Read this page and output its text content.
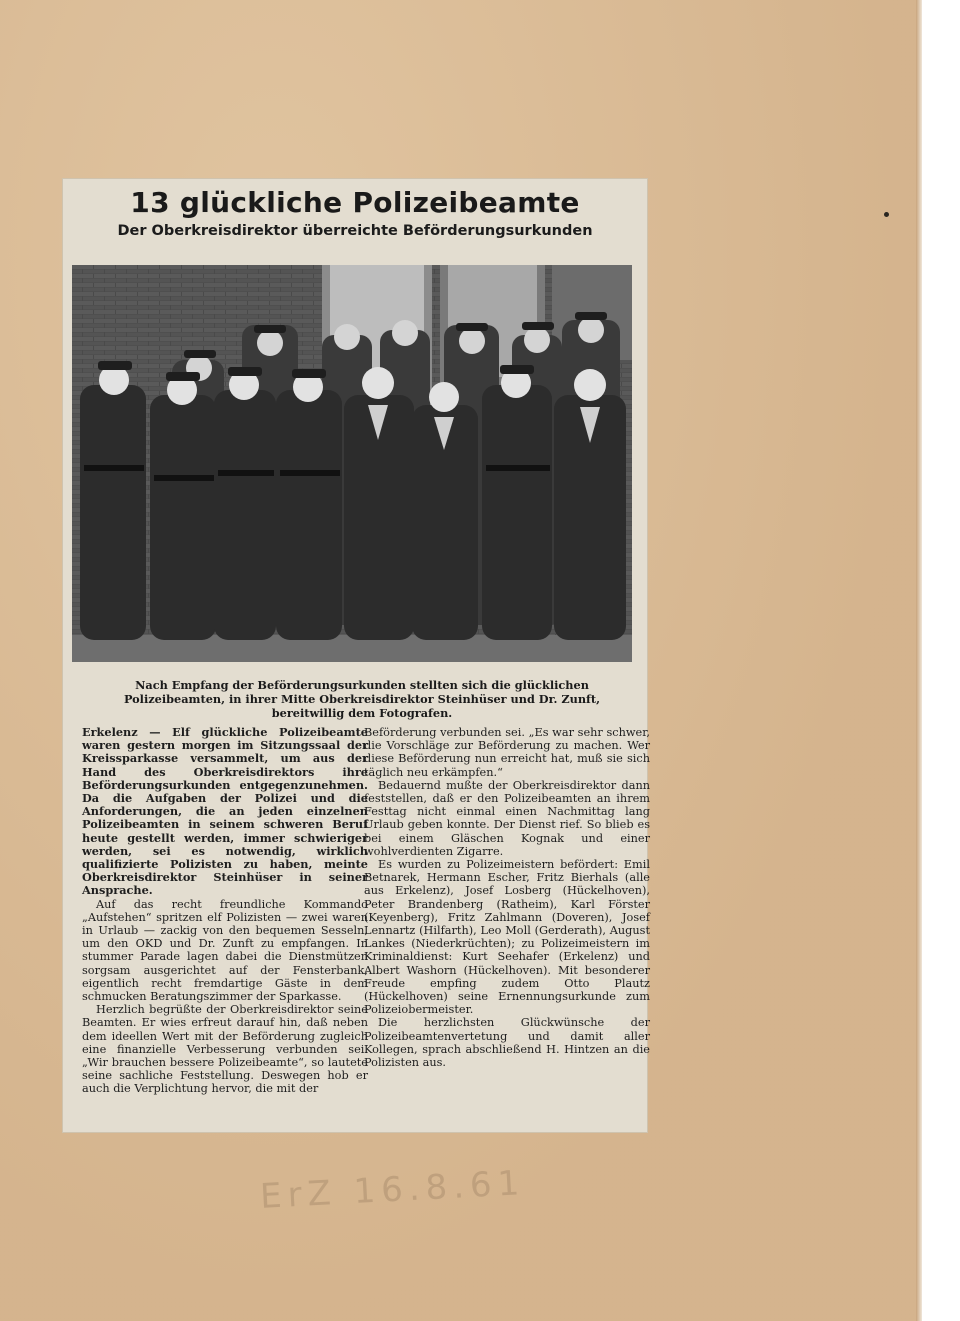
13 glückliche Polizeibeamte
Der Oberkreisdirektor überreichte Beförderungsurkunden
Nach Empfang der Beförderungsurkunden stellten sich die glücklichen Polizeibeamten, in ihrer Mitte Oberkreisdirektor Steinhüser und Dr. Zunft, bereitwillig dem Fotografen.

Erkelenz — Elf glückliche Polizeibeamte waren gestern morgen im Sitzungssaal der Kreissparkasse versammelt, um aus der Hand des Oberkreisdirektors ihre Beförderungsurkunden entgegenzunehmen. Da die Aufgaben der Polizei und die Anforderungen, die an jeden einzelnen Polizeibeamten in seinem schweren Beruf heute gestellt werden, immer schwieriger werden, sei es notwendig, wirklich qualifizierte Polizisten zu haben, meinte Oberkreisdirektor Steinhüser in seiner Ansprache.

Auf das recht freundliche Kommando „Aufstehen“ spritzen elf Polizisten — zwei waren in Urlaub — zackig von den bequemen Sesseln, um den OKD und Dr. Zunft zu empfangen. In stummer Parade lagen dabei die Dienstmützen sorgsam ausgerichtet auf der Fensterbank, eigentlich recht fremdartige Gäste in dem schmucken Beratungszimmer der Sparkasse.

Herzlich begrüßte der Oberkreisdirektor seine Beamten. Er wies erfreut darauf hin, daß neben dem ideellen Wert mit der Beförderung zugleich eine finanzielle Verbesserung verbunden sei. „Wir brauchen bessere Polizeibeamte“, so lautete seine sachliche Feststellung. Deswegen hob er auch die Verplichtung hervor, die mit der

Beförderung verbunden sei. „Es war sehr schwer, die Vorschläge zur Beförderung zu machen. Wer diese Beförderung nun erreicht hat, muß sie sich täglich neu erkämpfen.“

Bedauernd mußte der Oberkreisdirektor dann feststellen, daß er den Polizeibeamten an ihrem Festtag nicht einmal einen Nachmittag lang Urlaub geben konnte. Der Dienst rief. So blieb es bei einem Gläschen Kognak und einer wohlverdienten Zigarre.

Es wurden zu Polizeimeistern befördert: Emil Betnarek, Hermann Escher, Fritz Bierhals (alle aus Erkelenz), Josef Losberg (Hückelhoven), Peter Brandenberg (Ratheim), Karl Förster (Keyenberg), Fritz Zahlmann (Doveren), Josef Lennartz (Hilfarth), Leo Moll (Gerderath), August Lankes (Niederkrüchten); zu Polizeimeistern im Kriminaldienst: Kurt Seehafer (Erkelenz) und Albert Washorn (Hückelhoven). Mit besonderer Freude empfing zudem Otto Plautz (Hückelhoven) seine Ernennungsurkunde zum Polizeiobermeister.

Die herzlichsten Glückwünsche der Polizeibeamtenvertetung und damit aller Kollegen, sprach abschließend H. Hintzen an die Polizisten aus.

ErZ 16.8.61
